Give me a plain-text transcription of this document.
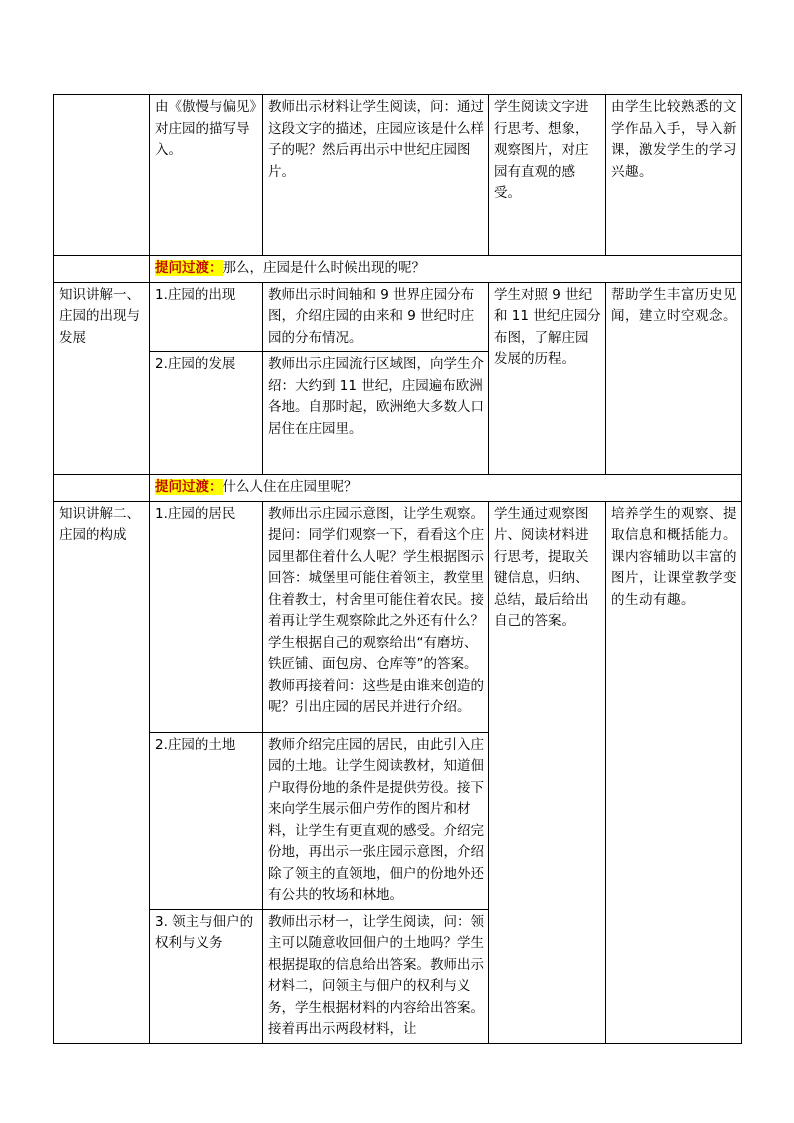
	由《傲慢与偏见》对庄园的描写导入。	教师出示材料让学生阅读，问：通过这段文字的描述，庄园应该是什么样子的呢？然后再出示中世纪庄园图片。	学生阅读文字进行思考、想象，观察图片，对庄园有直观的感受。	由学生比较熟悉的文学作品入手，导入新课，激发学生的学习兴趣。
	提问过渡：那么，庄园是什么时候出现的呢？			
知识讲解一、庄园的出现与发展	1.庄园的出现	教师出示时间轴和 9 世界庄园分布图，介绍庄园的由来和 9 世纪时庄园的分布情况。	学生对照 9 世纪和 11 世纪庄园分布图，了解庄园发展的历程。	帮助学生丰富历史见闻，建立时空观念。
	2.庄园的发展	教师出示庄园流行区域图，向学生介绍：大约到 11 世纪，庄园遍布欧洲各地。自那时起，欧洲绝大多数人口居住在庄园里。		
	提问过渡：什么人住在庄园里呢？			
知识讲解二、庄园的构成	1.庄园的居民	教师出示庄园示意图，让学生观察。提问：同学们观察一下，看看这个庄园里都住着什么人呢？学生根据图示回答：城堡里可能住着领主，教堂里住着教士，村舍里可能住着农民。接着再让学生观察除此之外还有什么？学生根据自己的观察给出“有磨坊、铁匠铺、面包房、仓库等”的答案。教师再接着问：这些是由谁来创造的呢？引出庄园的居民并进行介绍。	学生通过观察图片、阅读材料进行思考，提取关键信息，归纳、总结，最后给出自己的答案。	培养学生的观察、提取信息和概括能力。课内容辅助以丰富的图片，让课堂教学变的生动有趣。
	2.庄园的土地	教师介绍完庄园的居民，由此引入庄园的土地。让学生阅读教材，知道佃户取得份地的条件是提供劳役。接下来向学生展示佃户劳作的图片和材料，让学生有更直观的感受。介绍完份地，再出示一张庄园示意图，介绍除了领主的直领地，佃户的份地外还有公共的牧场和林地。		
	3. 领主与佃户的权利与义务	教师出示材一，让学生阅读，问：领主可以随意收回佃户的土地吗？学生根据提取的信息给出答案。教师出示材料二，问领主与佃户的权利与义务，学生根据材料的内容给出答案。接着再出示两段材料，让		
